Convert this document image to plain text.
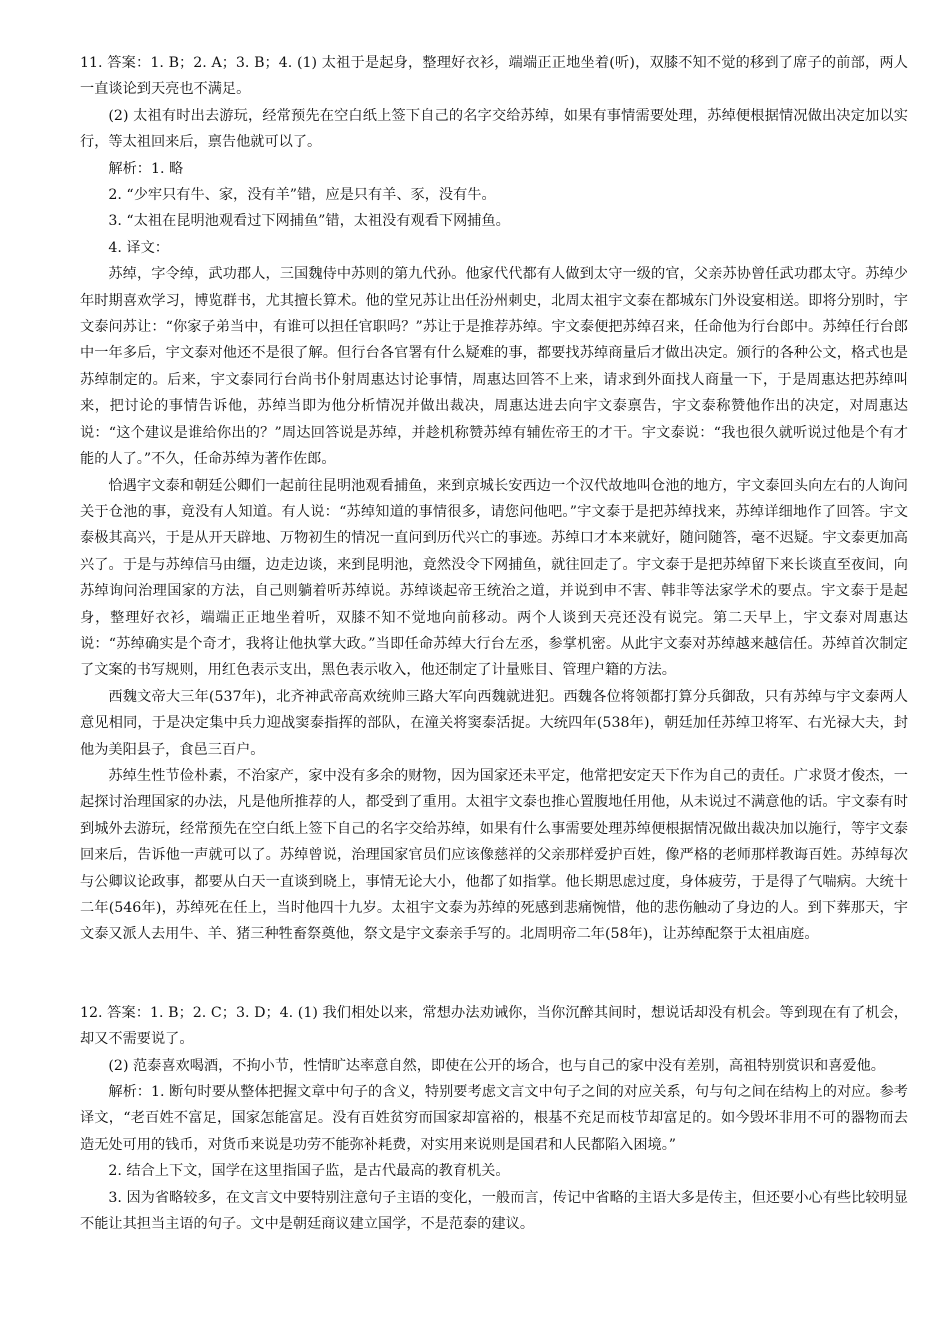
11. 答案：1. B；2. A；3. B；4. (1) 太祖于是起身，整理好衣衫，端端正正地坐着(听)，双膝不知不觉的移到了席子的前部，两人一直谈论到天亮也不满足。

(2) 太祖有时出去游玩，经常预先在空白纸上签下自己的名字交给苏绰，如果有事情需要处理，苏绰便根据情况做出决定加以实行，等太祖回来后，禀告他就可以了。

解析：1. 略

2. “少牢只有牛、家，没有羊”错，应是只有羊、豕，没有牛。

3. “太祖在昆明池观看过下网捕鱼”错，太祖没有观看下网捕鱼。

4. 译文：

苏绰，字令绰，武功郡人，三国魏侍中苏则的第九代孙。他家代代都有人做到太守一级的官，父亲苏协曾任武功郡太守。苏绰少年时期喜欢学习，博览群书，尤其擅长算术。他的堂兄苏让出任汾州刺史，北周太祖宇文泰在都城东门外设宴相送。即将分别时，宇文泰问苏让：“你家子弟当中，有谁可以担任官职吗？”苏让于是推荐苏绰。宇文泰便把苏绰召来，任命他为行台郎中。苏绰任行台郎中一年多后，宇文泰对他还不是很了解。但行台各官署有什么疑难的事，都要找苏绰商量后才做出决定。颁行的各种公文，格式也是苏绰制定的。后来，宇文泰同行台尚书仆射周惠达讨论事情，周惠达回答不上来，请求到外面找人商量一下，于是周惠达把苏绰叫来，把讨论的事情告诉他，苏绰当即为他分析情况并做出裁决，周惠达进去向宇文泰禀告，宇文泰称赞他作出的决定，对周惠达说：“这个建议是谁给你出的？”周达回答说是苏绰，并趁机称赞苏绰有辅佐帝王的才干。宇文泰说：“我也很久就听说过他是个有才能的人了。”不久，任命苏绰为著作佐郎。

恰遇宇文泰和朝廷公卿们一起前往昆明池观看捕鱼，来到京城长安西边一个汉代故地叫仓池的地方，宇文泰回头向左右的人询问关于仓池的事，竟没有人知道。有人说：“苏绰知道的事情很多，请您问他吧。”宇文泰于是把苏绰找来，苏绰详细地作了回答。宇文泰极其高兴，于是从开天辟地、万物初生的情况一直问到历代兴亡的事迹。苏绰口才本来就好，随问随答，毫不迟疑。宇文泰更加高兴了。于是与苏绰信马由缰，边走边谈，来到昆明池，竟然没令下网捕鱼，就往回走了。宇文泰于是把苏绰留下来长谈直至夜间，向苏绰询问治理国家的方法，自己则躺着听苏绰说。苏绰谈起帝王统治之道，并说到申不害、韩非等法家学术的要点。宇文泰于是起身，整理好衣衫，端端正正地坐着听，双膝不知不觉地向前移动。两个人谈到天亮还没有说完。第二天早上，宇文泰对周惠达说：“苏绰确实是个奇才，我将让他执掌大政。”当即任命苏绰大行台左丞，参掌机密。从此宇文泰对苏绰越来越信任。苏绰首次制定了文案的书写规则，用红色表示支出，黑色表示收入，他还制定了计量账目、管理户籍的方法。

西魏文帝大三年(537年)，北齐神武帝高欢统帅三路大军向西魏就进犯。西魏各位将领都打算分兵御敌，只有苏绰与宇文泰两人意见相同，于是决定集中兵力迎战窦泰指挥的部队，在潼关将窦泰活捉。大统四年(538年)，朝廷加任苏绰卫将军、右光禄大夫，封他为美阳县子，食邑三百户。

苏绰生性节俭朴素，不治家产，家中没有多余的财物，因为国家还未平定，他常把安定天下作为自己的责任。广求贤才俊杰，一起探讨治理国家的办法，凡是他所推荐的人，都受到了重用。太祖宇文泰也推心置腹地任用他，从未说过不满意他的话。宇文泰有时到城外去游玩，经常预先在空白纸上签下自己的名字交给苏绰，如果有什么事需要处理苏绰便根据情况做出裁决加以施行，等宇文泰回来后，告诉他一声就可以了。苏绰曾说，治理国家官员们应该像慈祥的父亲那样爱护百姓，像严格的老师那样教诲百姓。苏绰每次与公卿议论政事，都要从白天一直谈到晓上，事情无论大小，他都了如指掌。他长期思虑过度，身体疲劳，于是得了气喘病。大统十二年(546年)，苏绰死在任上，当时他四十九岁。太祖宇文泰为苏绰的死感到悲痛惋惜，他的悲伤触动了身边的人。到下葬那天，宇文泰又派人去用牛、羊、猪三种牲畜祭奠他，祭文是宇文泰亲手写的。北周明帝二年(58年)，让苏绰配祭于太祖庙庭。

12. 答案：1. B；2. C；3. D；4. (1) 我们相处以来，常想办法劝诫你，当你沉醉其间时，想说话却没有机会。等到现在有了机会，却又不需要说了。

(2) 范泰喜欢喝酒，不拘小节，性情旷达率意自然，即使在公开的场合，也与自己的家中没有差别，高祖特别赏识和喜爱他。

解析：1. 断句时要从整体把握文章中句子的含义，特别要考虑文言文中句子之间的对应关系，句与句之间在结构上的对应。参考译文，“老百姓不富足，国家怎能富足。没有百姓贫穷而国家却富裕的，根基不充足而枝节却富足的。如今毁坏非用不可的器物而去造无处可用的钱币，对货币来说是功劳不能弥补耗费，对实用来说则是国君和人民都陷入困境。”

2. 结合上下文，国学在这里指国子监，是古代最高的教育机关。

3. 因为省略较多，在文言文中要特别注意句子主语的变化，一般而言，传记中省略的主语大多是传主，但还要小心有些比较明显不能让其担当主语的句子。文中是朝廷商议建立国学，不是范泰的建议。
